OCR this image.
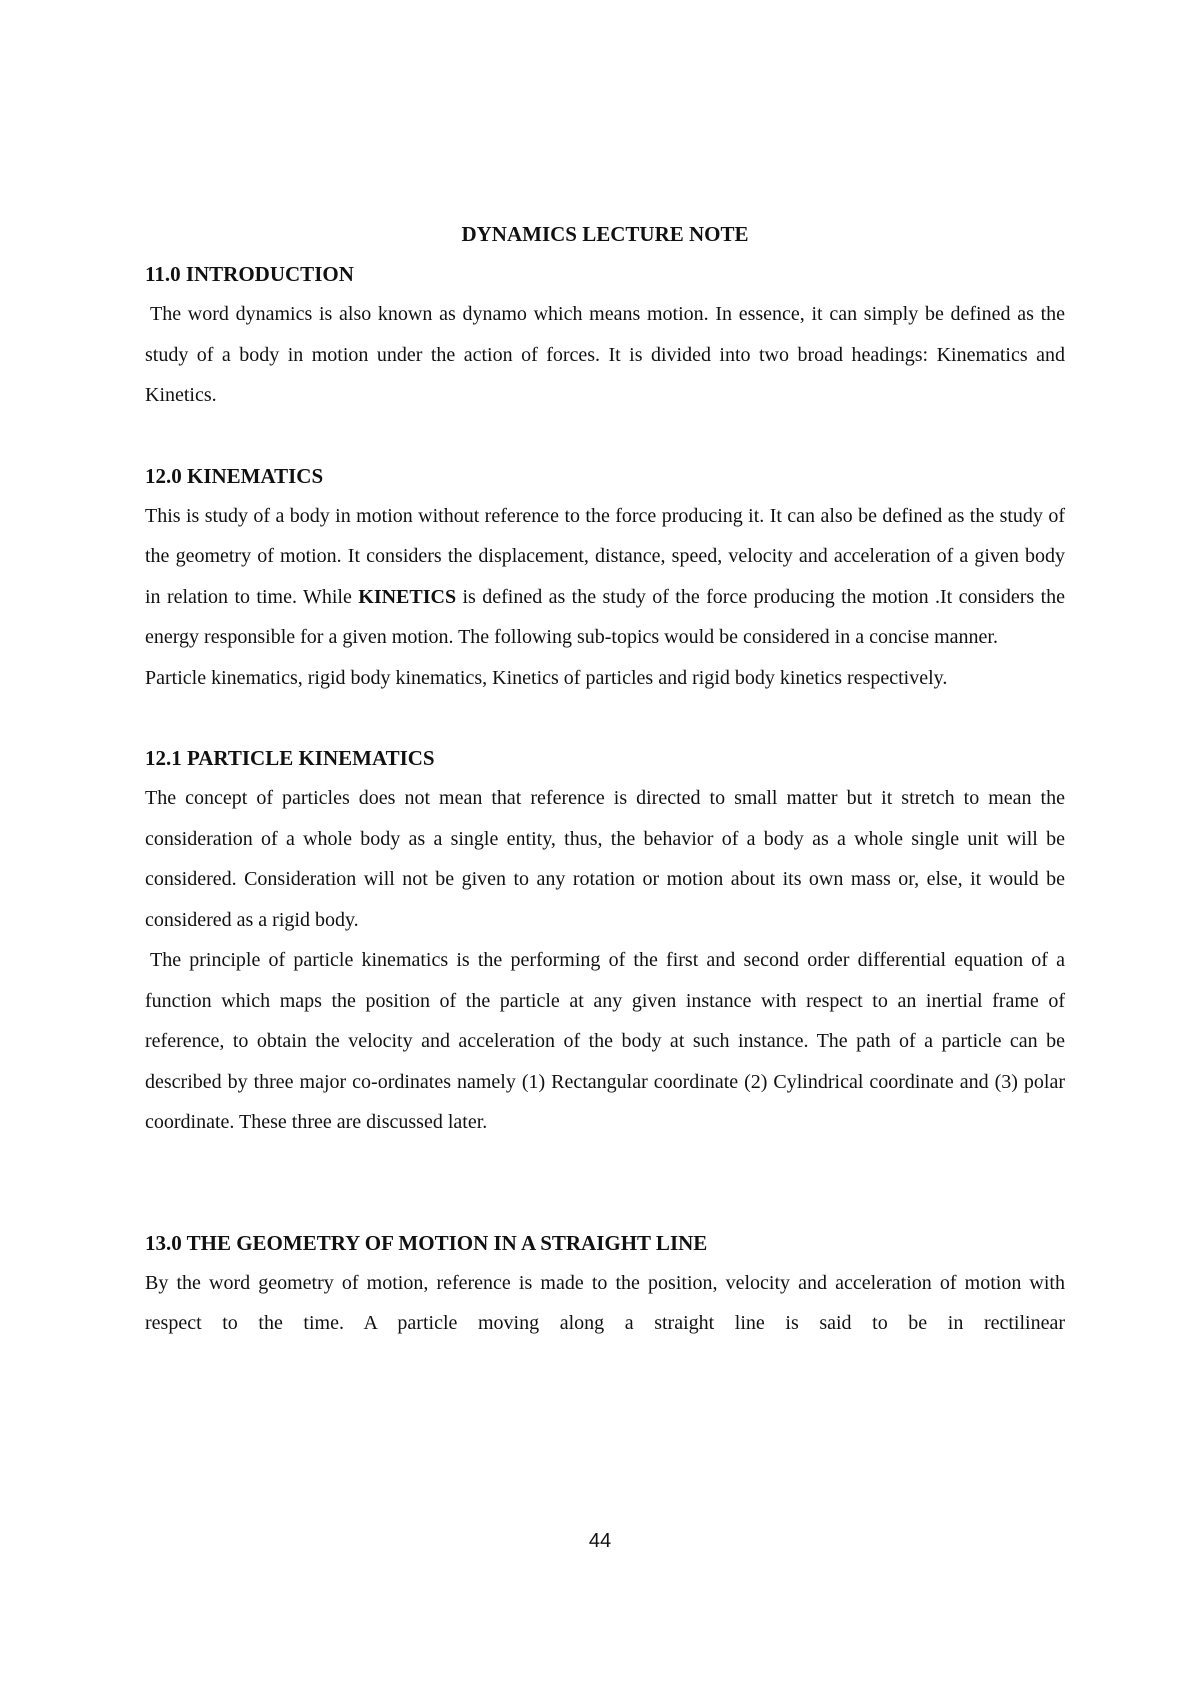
DYNAMICS LECTURE NOTE
11.0 INTRODUCTION

The word dynamics is also known as dynamo which means motion. In essence, it can simply be defined as the study of a body in motion under the action of forces. It is divided into two broad headings: Kinematics and Kinetics.

12.0 KINEMATICS

This is study of a body in motion without reference to the force producing it. It can also be defined as the study of the geometry of motion. It considers the displacement, distance, speed, velocity and acceleration of a given body in relation to time. While KINETICS is defined as the study of the force producing the motion .It considers the energy responsible for a given motion. The following sub-topics would be considered in a concise manner.

Particle kinematics, rigid body kinematics, Kinetics of particles and rigid body kinetics respectively.

12.1 PARTICLE KINEMATICS

The concept of particles does not mean that reference is directed to small matter but it stretch to mean the consideration of a whole body as a single entity, thus, the behavior of a body as a whole single unit will be considered. Consideration will not be given to any rotation or motion about its own mass or, else, it would be considered as a rigid body.

The principle of particle kinematics is the performing of the first and second order differential equation of a function which maps the position of the particle at any given instance with respect to an inertial frame of reference, to obtain the velocity and acceleration of the body at such instance. The path of a particle can be described by three major co-ordinates namely (1) Rectangular coordinate (2) Cylindrical coordinate and (3) polar coordinate. These three are discussed later.

13.0 THE GEOMETRY OF MOTION IN A STRAIGHT LINE

By the word geometry of motion, reference is made to the position, velocity and acceleration of motion with respect to the time. A particle moving along a straight line is said to be in rectilinear

44
